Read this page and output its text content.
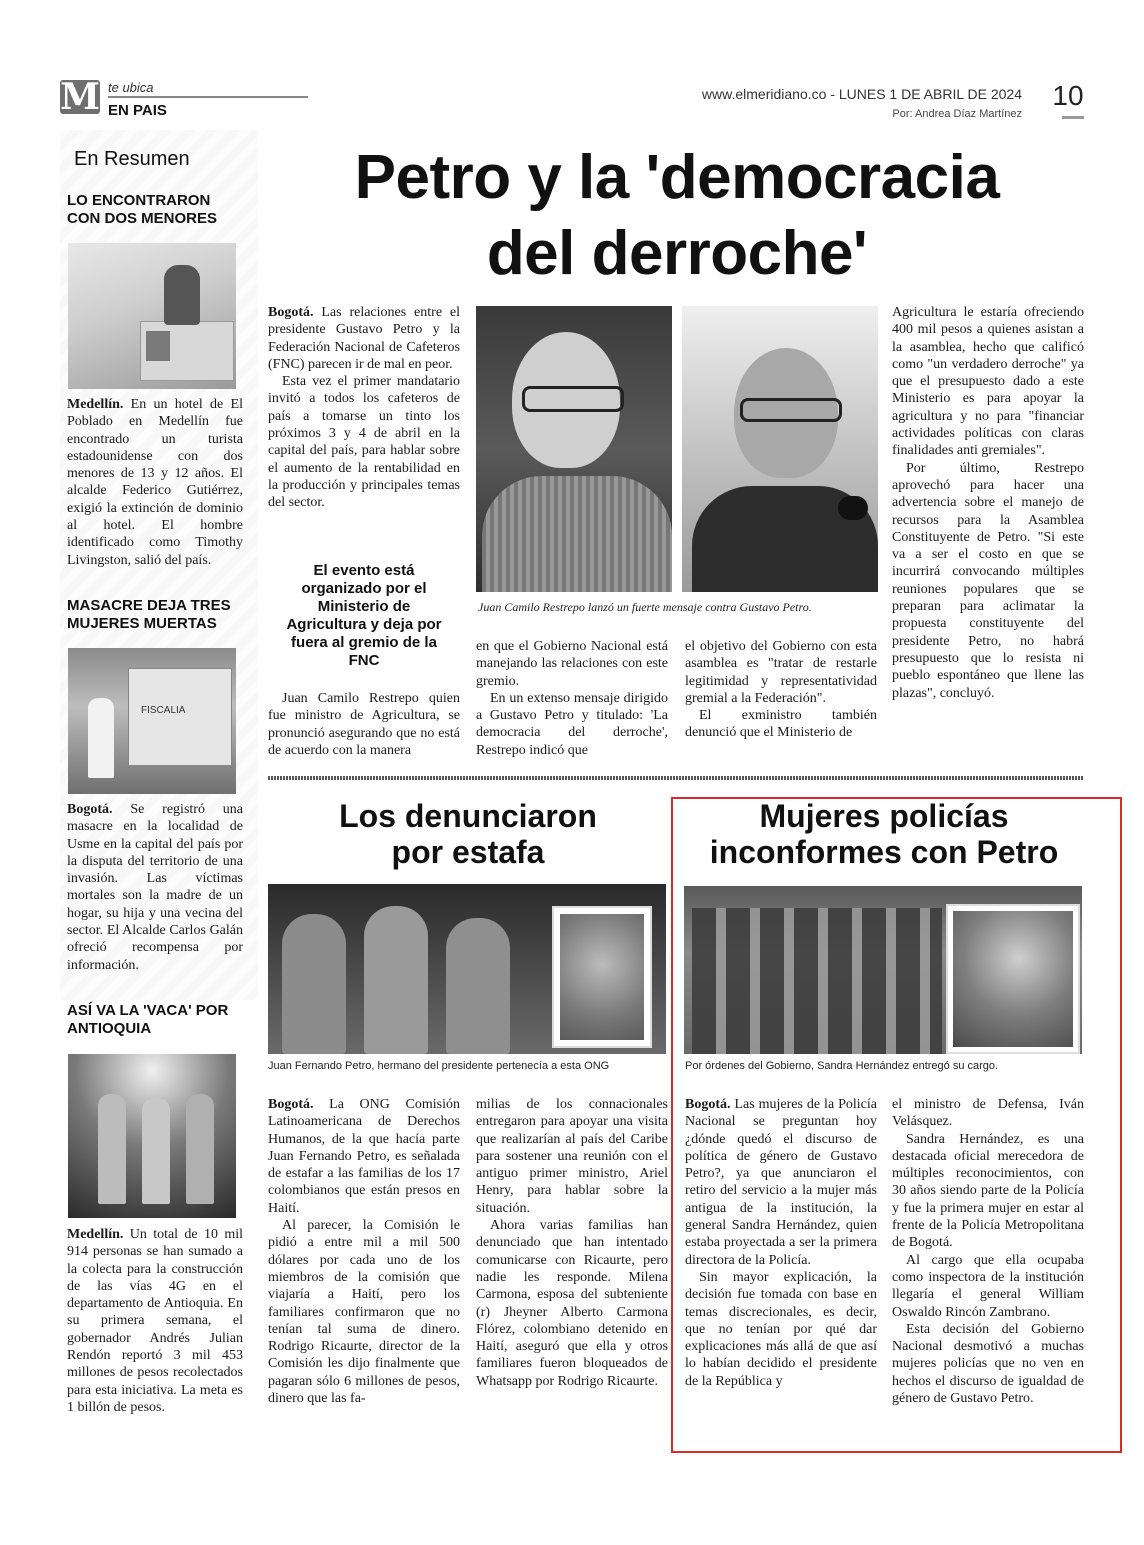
M te ubica
EN PAIS
www.elmeridiano.co - LUNES 1 DE ABRIL DE 2024
Por: Andrea Díaz Martínez
10
En Resumen
LO ENCONTRARON CON DOS MENORES
Medellín. En un hotel de El Poblado en Medellín fue encontrado un turista estadounidense con dos menores de 13 y 12 años. El alcalde Federico Gutiérrez, exigió la extinción de dominio al hotel. El hombre identificado como Timothy Livingston, salió del país.
MASACRE DEJA TRES MUJERES MUERTAS
FISCALIA
Bogotá. Se registró una masacre en la localidad de Usme en la capital del país por la disputa del territorio de una invasión. Las víctimas mortales son la madre de un hogar, su hija y una vecina del sector. El Alcalde Carlos Galán ofreció recompensa por información.
ASÍ VA LA 'VACA' POR ANTIOQUIA
Medellín. Un total de 10 mil 914 personas se han sumado a la colecta para la construcción de las vías 4G en el departamento de Antioquia. En su primera semana, el gobernador Andrés Julian Rendón reportó 3 mil 453 millones de pesos recolectados para esta iniciativa. La meta es 1 billón de pesos.
Petro y la 'democracia
del derroche'

Bogotá. Las relaciones entre el presidente Gustavo Petro y la Federación Nacional de Cafeteros (FNC) parecen ir de mal en peor.

Esta vez el primer mandatario invitó a todos los cafeteros de país a tomarse un tinto los próximos 3 y 4 de abril en la capital del país, para hablar sobre el aumento de la rentabilidad en la producción y principales temas del sector.

El evento está organizado por el Ministerio de Agricultura y deja por fuera al gremio de la FNC

Juan Camilo Restrepo quien fue ministro de Agricultura, se pronunció asegurando que no está de acuerdo con la manera

Juan Camilo Restrepo lanzó un fuerte mensaje contra Gustavo Petro.

en que el Gobierno Nacional está manejando las relaciones con este gremio.

En un extenso mensaje dirigido a Gustavo Petro y titulado: 'La democracia del derroche', Restrepo indicó que

el objetivo del Gobierno con esta asamblea es "tratar de restarle legitimidad y representatividad gremial a la Federación".

El exministro también denunció que el Ministerio de

Agricultura le estaría ofreciendo 400 mil pesos a quienes asistan a la asamblea, hecho que calificó como "un verdadero derroche" ya que el presupuesto dado a este Ministerio es para apoyar la agricultura y no para "financiar actividades políticas con claras finalidades anti gremiales".

Por último, Restrepo aprovechó para hacer una advertencia sobre el manejo de recursos para la Asamblea Constituyente de Petro. "Si este va a ser el costo en que se incurrirá convocando múltiples reuniones populares que se preparan para aclimatar la propuesta constituyente del presidente Petro, no habrá presupuesto que lo resista ni pueblo espontáneo que llene las plazas", concluyó.

Los denunciaron
por estafa
Juan Fernando Petro, hermano del presidente pertenecía a esta ONG

Bogotá. La ONG Comisión Latinoamericana de Derechos Humanos, de la que hacía parte Juan Fernando Petro, es señalada de estafar a las familias de los 17 colombianos que están presos en Haití.

Al parecer, la Comisión le pidió a entre mil a mil 500 dólares por cada uno de los miembros de la comisión que viajaría a Haití, pero los familiares confirmaron que no tenían tal suma de dinero. Rodrigo Ricaurte, director de la Comisión les dijo finalmente que pagaran sólo 6 millones de pesos, dinero que las fa-

milias de los connacionales entregaron para apoyar una visita que realizarían al país del Caribe para sostener una reunión con el antiguo primer ministro, Ariel Henry, para hablar sobre la situación.

Ahora varias familias han denunciado que han intentado comunicarse con Ricaurte, pero nadie les responde. Milena Carmona, esposa del subteniente (r) Jheyner Alberto Carmona Flórez, colombiano detenido en Haití, aseguró que ella y otros familiares fueron bloqueados de Whatsapp por Rodrigo Ricaurte.

Mujeres policías
inconformes con Petro
Por órdenes del Gobierno, Sandra Hernández entregó su cargo.

Bogotá. Las mujeres de la Policía Nacional se preguntan hoy ¿dónde quedó el discurso de política de género de Gustavo Petro?, ya que anunciaron el retiro del servicio a la mujer más antigua de la institución, la general Sandra Hernández, quien estaba proyectada a ser la primera directora de la Policía.

Sin mayor explicación, la decisión fue tomada con base en temas discrecionales, es decir, que no tenían por qué dar explicaciones más allá de que así lo habían decidido el presidente de la República y

el ministro de Defensa, Iván Velásquez.

Sandra Hernández, es una destacada oficial merecedora de múltiples reconocimientos, con 30 años siendo parte de la Policía y fue la primera mujer en estar al frente de la Policía Metropolitana de Bogotá.

Al cargo que ella ocupaba como inspectora de la institución llegaría el general William Oswaldo Rincón Zambrano.

Esta decisión del Gobierno Nacional desmotivó a muchas mujeres policías que no ven en hechos el discurso de igualdad de género de Gustavo Petro.
